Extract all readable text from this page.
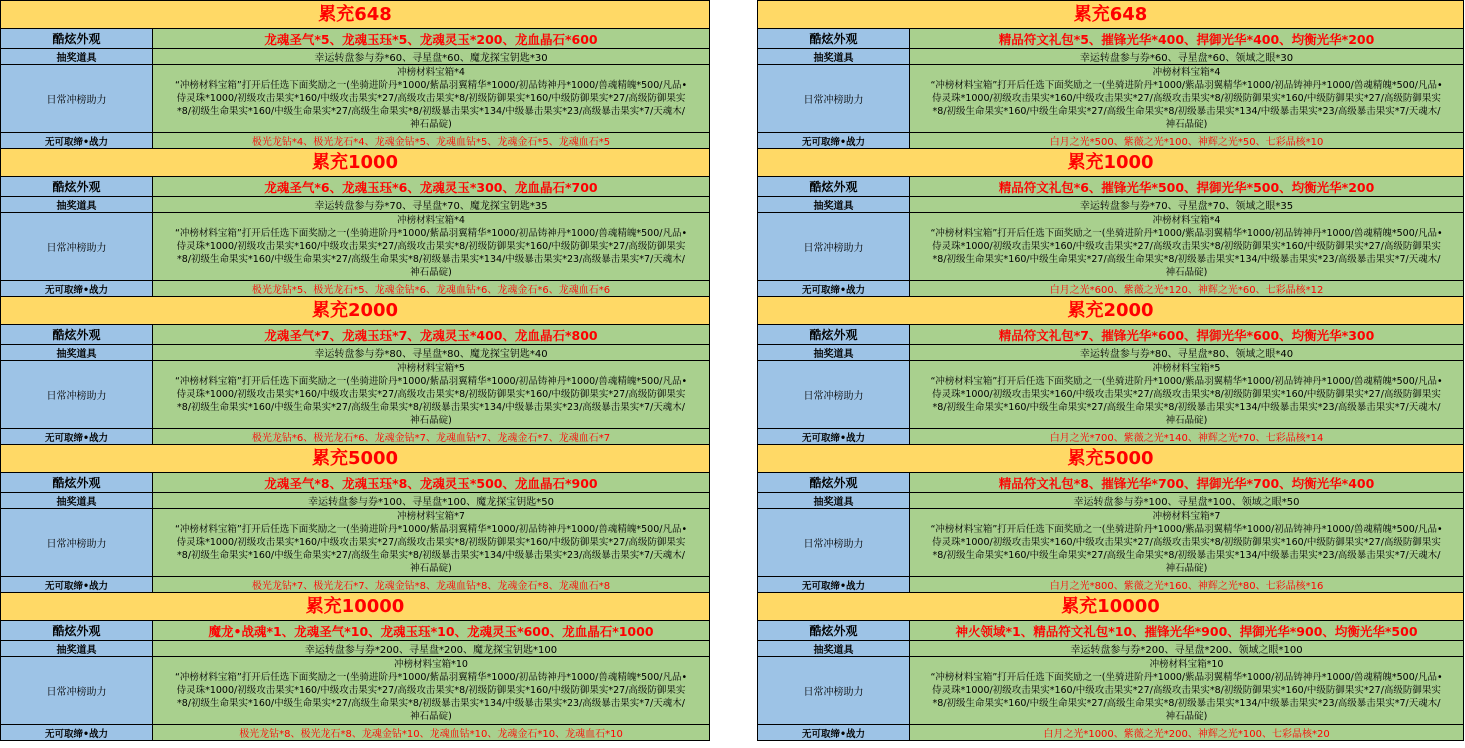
累充648	
酷炫外观	龙魂圣气*5、龙魂玉珏*5、龙魂灵玉*200、龙血晶石*600
抽奖道具	幸运转盘参与券*60、寻星盘*60、魔龙探宝钥匙*30
日常冲榜助力	冲榜材料宝箱*4
“冲榜材料宝箱”打开后任选下面奖励之一(坐骑进阶丹*1000/紫晶羽翼精华*1000/初品铸神丹*1000/兽魂精魄*500/凡品•
侍灵珠*1000/初级攻击果实*160/中级攻击果实*27/高级攻击果实*8/初级防御果实*160/中级防御果实*27/高级防御果实
*8/初级生命果实*160/中级生命果实*27/高级生命果实*8/初级暴击果实*134/中级暴击果实*23/高级暴击果实*7/天魂木/
神石晶碇)

无可取缔•战力	极光龙钻*4、极光龙石*4、龙魂金钻*5、龙魂血钻*5、龙魂金石*5、龙魂血石*5
累充1000	
酷炫外观	龙魂圣气*6、龙魂玉珏*6、龙魂灵玉*300、龙血晶石*700
抽奖道具	幸运转盘参与券*70、寻星盘*70、魔龙探宝钥匙*35
日常冲榜助力	冲榜材料宝箱*4
“冲榜材料宝箱”打开后任选下面奖励之一(坐骑进阶丹*1000/紫晶羽翼精华*1000/初品铸神丹*1000/兽魂精魄*500/凡品•
侍灵珠*1000/初级攻击果实*160/中级攻击果实*27/高级攻击果实*8/初级防御果实*160/中级防御果实*27/高级防御果实
*8/初级生命果实*160/中级生命果实*27/高级生命果实*8/初级暴击果实*134/中级暴击果实*23/高级暴击果实*7/天魂木/
神石晶碇)

无可取缔•战力	极光龙钻*5、极光龙石*5、龙魂金钻*6、龙魂血钻*6、龙魂金石*6、龙魂血石*6
累充2000	
酷炫外观	龙魂圣气*7、龙魂玉珏*7、龙魂灵玉*400、龙血晶石*800
抽奖道具	幸运转盘参与券*80、寻星盘*80、魔龙探宝钥匙*40
日常冲榜助力	冲榜材料宝箱*5
“冲榜材料宝箱”打开后任选下面奖励之一(坐骑进阶丹*1000/紫晶羽翼精华*1000/初品铸神丹*1000/兽魂精魄*500/凡品•
侍灵珠*1000/初级攻击果实*160/中级攻击果实*27/高级攻击果实*8/初级防御果实*160/中级防御果实*27/高级防御果实
*8/初级生命果实*160/中级生命果实*27/高级生命果实*8/初级暴击果实*134/中级暴击果实*23/高级暴击果实*7/天魂木/
神石晶碇)

无可取缔•战力	极光龙钻*6、极光龙石*6、龙魂金钻*7、龙魂血钻*7、龙魂金石*7、龙魂血石*7
累充5000	
酷炫外观	龙魂圣气*8、龙魂玉珏*8、龙魂灵玉*500、龙血晶石*900
抽奖道具	幸运转盘参与券*100、寻星盘*100、魔龙探宝钥匙*50
日常冲榜助力	冲榜材料宝箱*7
“冲榜材料宝箱”打开后任选下面奖励之一(坐骑进阶丹*1000/紫晶羽翼精华*1000/初品铸神丹*1000/兽魂精魄*500/凡品•
侍灵珠*1000/初级攻击果实*160/中级攻击果实*27/高级攻击果实*8/初级防御果实*160/中级防御果实*27/高级防御果实
*8/初级生命果实*160/中级生命果实*27/高级生命果实*8/初级暴击果实*134/中级暴击果实*23/高级暴击果实*7/天魂木/
神石晶碇)

无可取缔•战力	极光龙钻*7、极光龙石*7、龙魂金钻*8、龙魂血钻*8、龙魂金石*8、龙魂血石*8
累充10000	
酷炫外观	魔龙•战魂*1、龙魂圣气*10、龙魂玉珏*10、龙魂灵玉*600、龙血晶石*1000
抽奖道具	幸运转盘参与券*200、寻星盘*200、魔龙探宝钥匙*100
日常冲榜助力	冲榜材料宝箱*10
“冲榜材料宝箱”打开后任选下面奖励之一(坐骑进阶丹*1000/紫晶羽翼精华*1000/初品铸神丹*1000/兽魂精魄*500/凡品•
侍灵珠*1000/初级攻击果实*160/中级攻击果实*27/高级攻击果实*8/初级防御果实*160/中级防御果实*27/高级防御果实
*8/初级生命果实*160/中级生命果实*27/高级生命果实*8/初级暴击果实*134/中级暴击果实*23/高级暴击果实*7/天魂木/
神石晶碇)

无可取缔•战力	极光龙钻*8、极光龙石*8、龙魂金钻*10、龙魂血钻*10、龙魂金石*10、龙魂血石*10
累充648	
酷炫外观	精品符文礼包*5、摧锋光华*400、捍御光华*400、均衡光华*200
抽奖道具	幸运转盘参与券*60、寻星盘*60、领域之眼*30
日常冲榜助力	冲榜材料宝箱*4
“冲榜材料宝箱”打开后任选下面奖励之一(坐骑进阶丹*1000/紫晶羽翼精华*1000/初品铸神丹*1000/兽魂精魄*500/凡品•
侍灵珠*1000/初级攻击果实*160/中级攻击果实*27/高级攻击果实*8/初级防御果实*160/中级防御果实*27/高级防御果实
*8/初级生命果实*160/中级生命果实*27/高级生命果实*8/初级暴击果实*134/中级暴击果实*23/高级暴击果实*7/天魂木/
神石晶碇)

无可取缔•战力	白月之光*500、紫薇之光*100、神辉之光*50、七彩晶核*10
累充1000	
酷炫外观	精品符文礼包*6、摧锋光华*500、捍御光华*500、均衡光华*200
抽奖道具	幸运转盘参与券*70、寻星盘*70、领域之眼*35
日常冲榜助力	冲榜材料宝箱*4
“冲榜材料宝箱”打开后任选下面奖励之一(坐骑进阶丹*1000/紫晶羽翼精华*1000/初品铸神丹*1000/兽魂精魄*500/凡品•
侍灵珠*1000/初级攻击果实*160/中级攻击果实*27/高级攻击果实*8/初级防御果实*160/中级防御果实*27/高级防御果实
*8/初级生命果实*160/中级生命果实*27/高级生命果实*8/初级暴击果实*134/中级暴击果实*23/高级暴击果实*7/天魂木/
神石晶碇)

无可取缔•战力	白月之光*600、紫薇之光*120、神辉之光*60、七彩晶核*12
累充2000	
酷炫外观	精品符文礼包*7、摧锋光华*600、捍御光华*600、均衡光华*300
抽奖道具	幸运转盘参与券*80、寻星盘*80、领域之眼*40
日常冲榜助力	冲榜材料宝箱*5
“冲榜材料宝箱”打开后任选下面奖励之一(坐骑进阶丹*1000/紫晶羽翼精华*1000/初品铸神丹*1000/兽魂精魄*500/凡品•
侍灵珠*1000/初级攻击果实*160/中级攻击果实*27/高级攻击果实*8/初级防御果实*160/中级防御果实*27/高级防御果实
*8/初级生命果实*160/中级生命果实*27/高级生命果实*8/初级暴击果实*134/中级暴击果实*23/高级暴击果实*7/天魂木/
神石晶碇)

无可取缔•战力	白月之光*700、紫薇之光*140、神辉之光*70、七彩晶核*14
累充5000	
酷炫外观	精品符文礼包*8、摧锋光华*700、捍御光华*700、均衡光华*400
抽奖道具	幸运转盘参与券*100、寻星盘*100、领域之眼*50
日常冲榜助力	冲榜材料宝箱*7
“冲榜材料宝箱”打开后任选下面奖励之一(坐骑进阶丹*1000/紫晶羽翼精华*1000/初品铸神丹*1000/兽魂精魄*500/凡品•
侍灵珠*1000/初级攻击果实*160/中级攻击果实*27/高级攻击果实*8/初级防御果实*160/中级防御果实*27/高级防御果实
*8/初级生命果实*160/中级生命果实*27/高级生命果实*8/初级暴击果实*134/中级暴击果实*23/高级暴击果实*7/天魂木/
神石晶碇)

无可取缔•战力	白月之光*800、紫薇之光*160、神辉之光*80、七彩晶核*16
累充10000	
酷炫外观	神火领域*1、精品符文礼包*10、摧锋光华*900、捍御光华*900、均衡光华*500
抽奖道具	幸运转盘参与券*200、寻星盘*200、领域之眼*100
日常冲榜助力	冲榜材料宝箱*10
“冲榜材料宝箱”打开后任选下面奖励之一(坐骑进阶丹*1000/紫晶羽翼精华*1000/初品铸神丹*1000/兽魂精魄*500/凡品•
侍灵珠*1000/初级攻击果实*160/中级攻击果实*27/高级攻击果实*8/初级防御果实*160/中级防御果实*27/高级防御果实
*8/初级生命果实*160/中级生命果实*27/高级生命果实*8/初级暴击果实*134/中级暴击果实*23/高级暴击果实*7/天魂木/
神石晶碇)

无可取缔•战力	白月之光*1000、紫薇之光*200、神辉之光*100、七彩晶核*20
